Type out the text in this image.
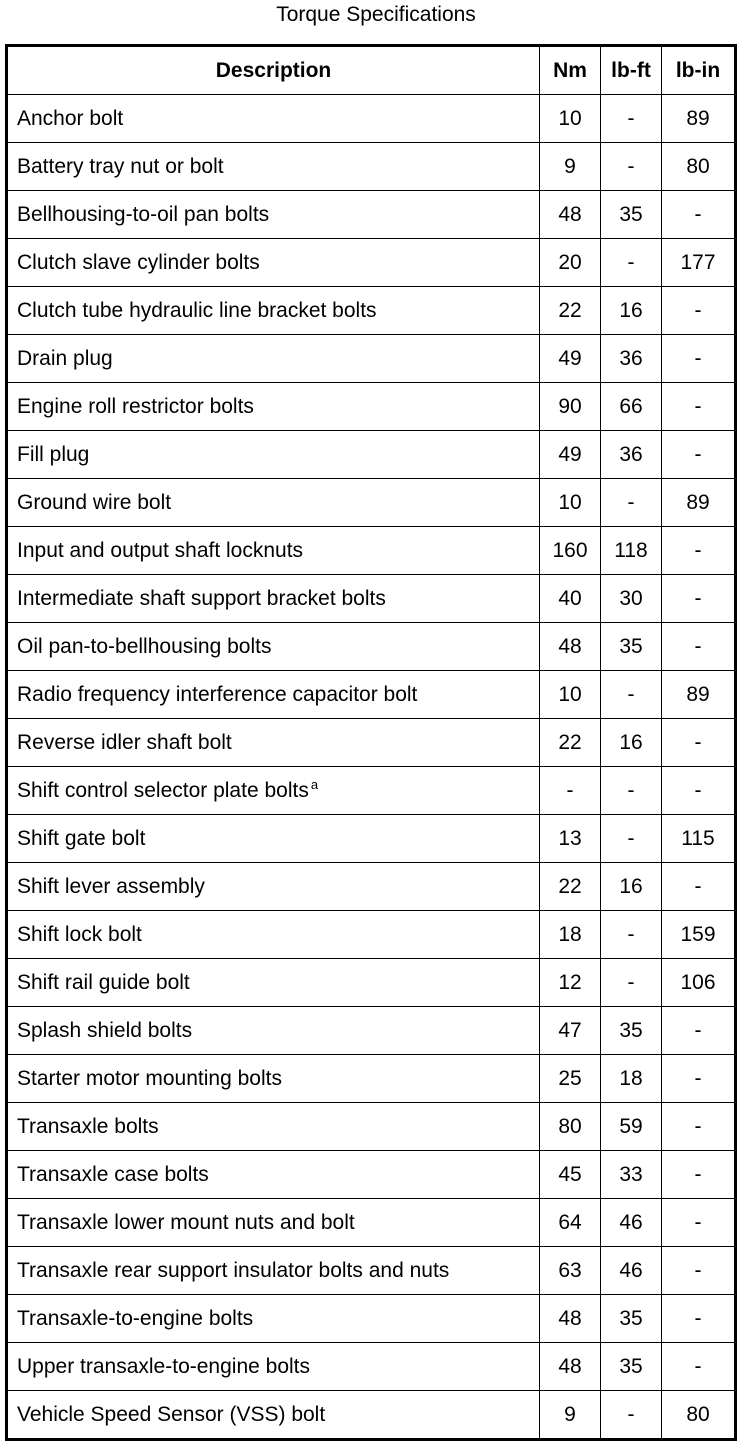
Torque Specifications
Description	Nm	lb-ft	lb-in
Anchor bolt	10	-	89
Battery tray nut or bolt	9	-	80
Bellhousing-to-oil pan bolts	48	35	-
Clutch slave cylinder bolts	20	-	177
Clutch tube hydraulic line bracket bolts	22	16	-
Drain plug	49	36	-
Engine roll restrictor bolts	90	66	-
Fill plug	49	36	-
Ground wire bolt	10	-	89
Input and output shaft locknuts	160	118	-
Intermediate shaft support bracket bolts	40	30	-
Oil pan-to-bellhousing bolts	48	35	-
Radio frequency interference capacitor bolt	10	-	89
Reverse idler shaft bolt	22	16	-
Shift control selector plate bolts $^a$	-	-	-
Shift gate bolt	13	-	115
Shift lever assembly	22	16	-
Shift lock bolt	18	-	159
Shift rail guide bolt	12	-	106
Splash shield bolts	47	35	-
Starter motor mounting bolts	25	18	-
Transaxle bolts	80	59	-
Transaxle case bolts	45	33	-
Transaxle lower mount nuts and bolt	64	46	-
Transaxle rear support insulator bolts and nuts	63	46	-
Transaxle-to-engine bolts	48	35	-
Upper transaxle-to-engine bolts	48	35	-
Vehicle Speed Sensor (VSS) bolt	9	-	80
